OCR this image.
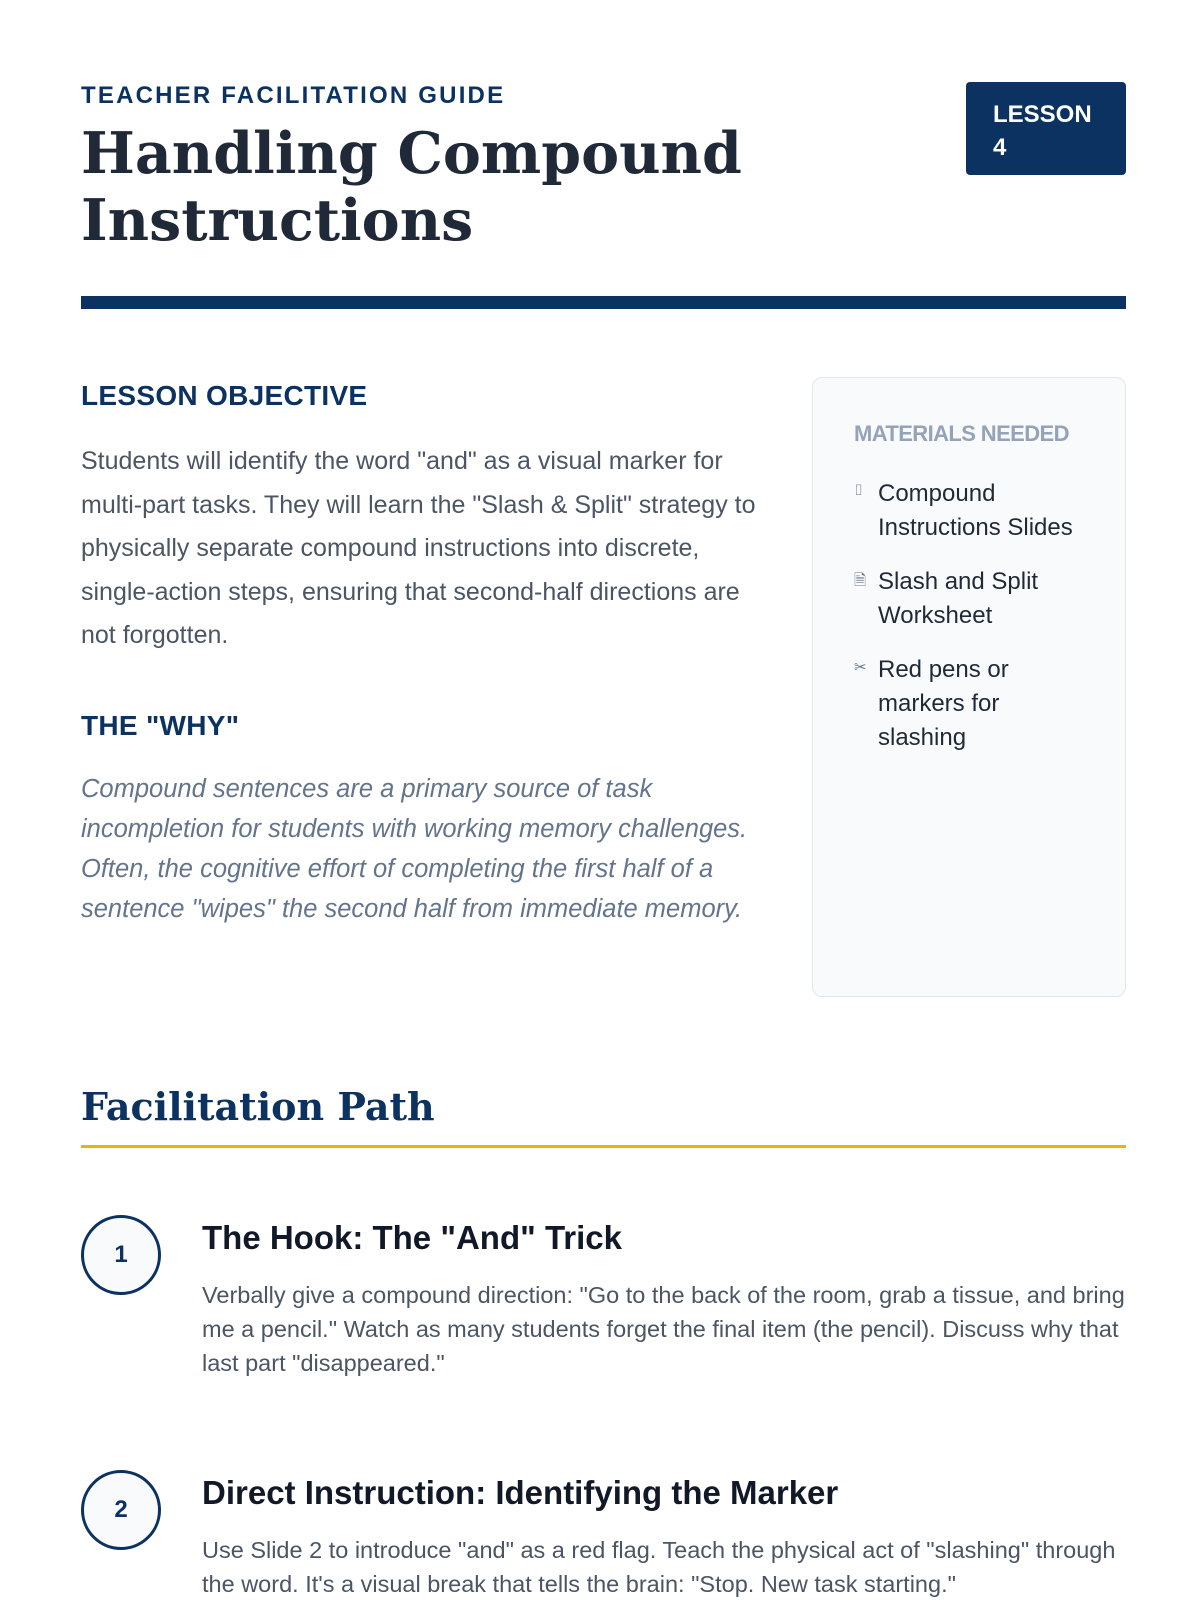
TEACHER FACILITATION GUIDE
Handling Compound Instructions
LESSON
4
LESSON OBJECTIVE

Students will identify the word "and" as a visual marker for multi-part tasks. They will learn the "Slash & Split" strategy to physically separate compound instructions into discrete, single-action steps, ensuring that second-half directions are not forgotten.

THE "WHY"

Compound sentences are a primary source of task incompletion for students with working memory challenges. Often, the cognitive effort of completing the first half of a sentence "wipes" the second half from immediate memory.

MATERIALS NEEDED
⌷ Compound Instructions Slides
🗎 Slash and Split Worksheet
✂ Red pens or markers for slashing
Facilitation Path
1	The Hook: The "And" Trick

Verbally give a compound direction: "Go to the back of the room, grab a tissue, and bring me a pencil." Watch as many students forget the final item (the pencil). Discuss why that last part "disappeared."

2	Direct Instruction: Identifying the Marker

Use Slide 2 to introduce "and" as a red flag. Teach the physical act of "slashing" through the word. It's a visual break that tells the brain: "Stop. New task starting."
